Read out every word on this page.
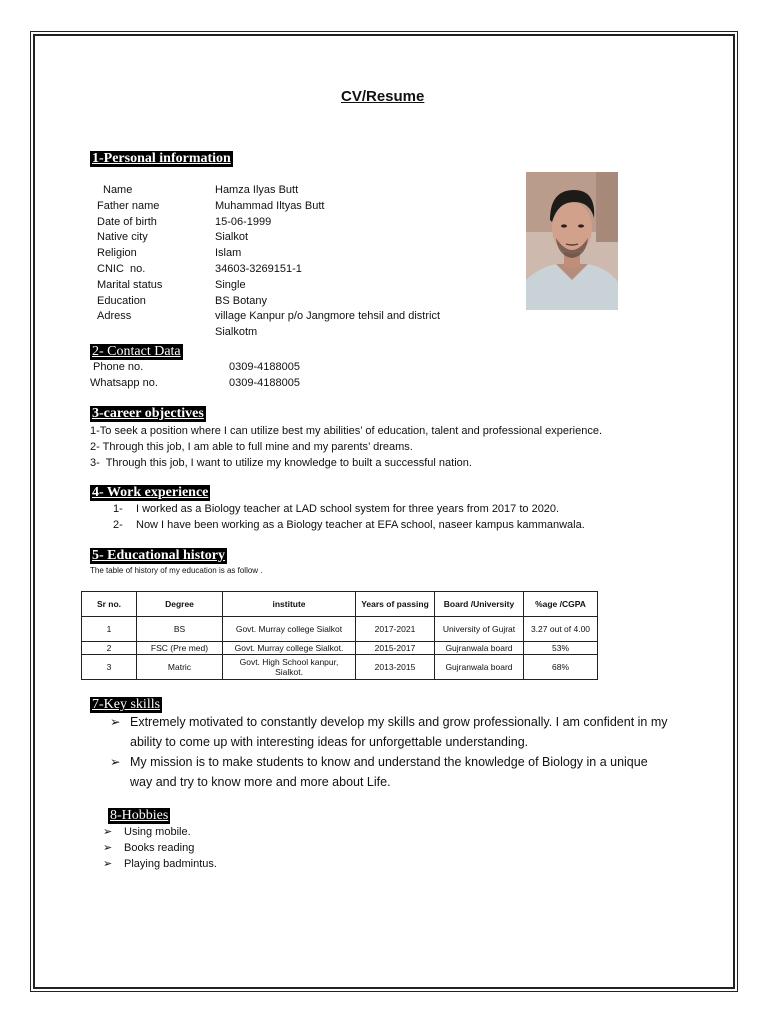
CV/Resume
1-Personal information
Name	Hamza Ilyas Butt
Father name	Muhammad Iltyas Butt
Date of birth	15-06-1999
Native city	Sialkot
Religion	Islam
CNIC  no.	34603-3269151-1
Marital status	Single
Education	BS Botany
Adress	village Kanpur p/o Jangmore tehsil and district Sialkotm
2- Contact Data
Phone no.	0309-4188005
Whatsapp no.	0309-4188005
3-career objectives
1-To seek a position where I can utilize best my abilities’ of education, talent and professional experience.
2- Through this job, I am able to full mine and my parents’ dreams.
3-  Through this job, I want to utilize my knowledge to built a successful nation.
4- Work experience
1-	I worked as a Biology teacher at LAD school system for three years from 2017 to 2020.
2-	Now I have been working as a Biology teacher at EFA school, naseer kampus kammanwala.
5- Educational history
The table of history of my education is as follow .
Sr no.	Degree	institute	Years of passing	Board /University	%age /CGPA
1	BS	Govt. Murray college Sialkot	2017-2021	University of Gujrat	3.27 out of 4.00
2	FSC (Pre med)	Govt. Murray college Sialkot.	2015-2017	Gujranwala board	53%
3	Matric	Govt. High School kanpur, Sialkot.	2013-2015	Gujranwala board	68%
7-Key skills
➢ Extremely motivated to constantly develop my skills and grow professionally. I am confident in my ability to come up with interesting ideas for unforgettable understanding.
➢ My mission is to make students to know and understand the knowledge of Biology in a unique way and try to know more and more about Life.
8-Hobbies
➢ Using mobile.
➢ Books reading
➢ Playing badmintus.
